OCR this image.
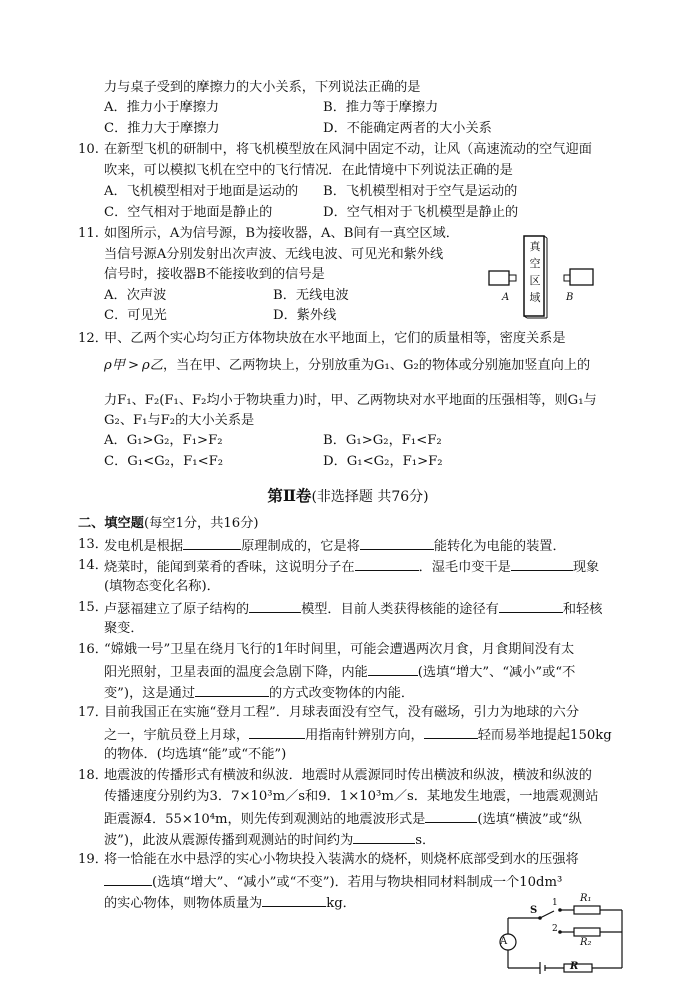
力与桌子受到的摩擦力的大小关系，下列说法正确的是
A．推力小于摩擦力	B．推力等于摩擦力
C．推力大于摩擦力	D．不能确定两者的大小关系
10. 在新型飞机的研制中，将飞机模型放在风洞中固定不动，让风（高速流动的空气迎面
吹来，可以模拟飞机在空中的飞行情况．在此情境中下列说法正确的是
A．飞机模型相对于地面是运动的 B．飞机模型相对于空气是运动的
C．空气相对于地面是静止的	D．空气相对于飞机模型是静止的
11. 如图所示，A为信号源，B为接收器，A、B间有一真空区域．
当信号源A分别发射出次声波、无线电波、可见光和紫外线
信号时，接收器B不能接收到的信号是
A．次声波	B．无线电波
C．可见光	D．紫外线
真空区域
A	B
12．
甲、乙两个实心均匀正方体物块放在水平地面上，它们的质量相等，密度关系是
ρ甲 > ρ乙，当在甲、乙两物块上，分别放重为G₁、G₂的物体或分别施加竖直向上的
力F₁、F₂(F₁、F₂均小于物块重力)时，甲、乙两物块对水平地面的压强相等，则G₁与
G₂、F₁与F₂的大小关系是
A．G₁>G₂，F₁>F₂	B．G₁>G₂，F₁<F₂
C．G₁<G₂，F₁<F₂	D．G₁<G₂，F₁>F₂
第Ⅱ卷(非选择题 共76分)
二、填空题(每空1分，共16分)
13．
发电机是根据	原理制成的，它是将	能转化为电能的装置．
14．
烧菜时，能闻到菜肴的香味，这说明分子在	．湿毛巾变干是	现象
(填物态变化名称)．
15．
卢瑟福建立了原子结构的	模型．目前人类获得核能的途径有	和轻核
聚变．
16．
“嫦娥一号”卫星在绕月飞行的1年时间里，可能会遭遇两次月食，月食期间没有太
阳光照射，卫星表面的温度会急剧下降，内能	(选填“增大”、“减小”或“不
变”)，这是通过	的方式改变物体的内能．
17．
目前我国正在实施“登月工程”．月球表面没有空气，没有磁场，引力为地球的六分
之一，宇航员登上月球，	用指南针辨别方向，	轻而易举地提起150kg
的物体．(均选填“能”或“不能”)
18．
地震波的传播形式有横波和纵波．地震时从震源同时传出横波和纵波，横波和纵波的
传播速度分别约为3．7×10³m／s和9．1×10³m／s．某地发生地震，一地震观测站
距震源4．55×10⁴m，则先传到观测站的地震波形式是	(选填“横波”或“纵
波”)，此波从震源传播到观测站的时间约为	s．
19．
将一恰能在水中悬浮的实心小物块投入装满水的烧杯，则烧杯底部受到水的压强将
(选填“增大”、“减小”或“不变”)．若用与物块相同材料制成一个10dm³
的实心物体，则物体质量为	kg．
A
S
1
2
R₁
R₂
R
